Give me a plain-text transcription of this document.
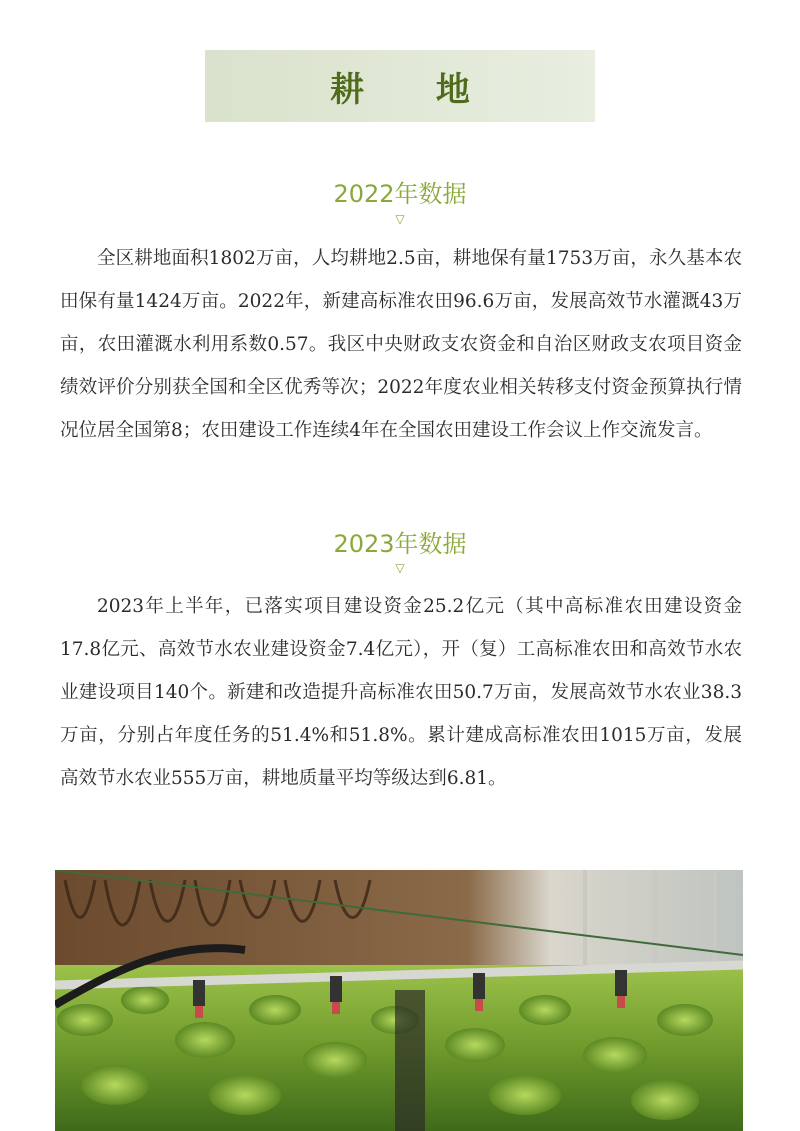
耕 地
2022年数据
▽

全区耕地面积1802万亩，人均耕地2.5亩，耕地保有量1753万亩，永久基本农田保有量1424万亩。2022年，新建高标准农田96.6万亩，发展高效节水灌溉43万亩，农田灌溉水利用系数0.57。我区中央财政支农资金和自治区财政支农项目资金绩效评价分别获全国和全区优秀等次；2022年度农业相关转移支付资金预算执行情况位居全国第8；农田建设工作连续4年在全国农田建设工作会议上作交流发言。

2023年数据
▽

2023年上半年，已落实项目建设资金25.2亿元（其中高标准农田建设资金17.8亿元、高效节水农业建设资金7.4亿元），开（复）工高标准农田和高效节水农业建设项目140个。新建和改造提升高标准农田50.7万亩，发展高效节水农业38.3万亩，分别占年度任务的51.4%和51.8%。累计建成高标准农田1015万亩，发展高效节水农业555万亩，耕地质量平均等级达到6.81。
